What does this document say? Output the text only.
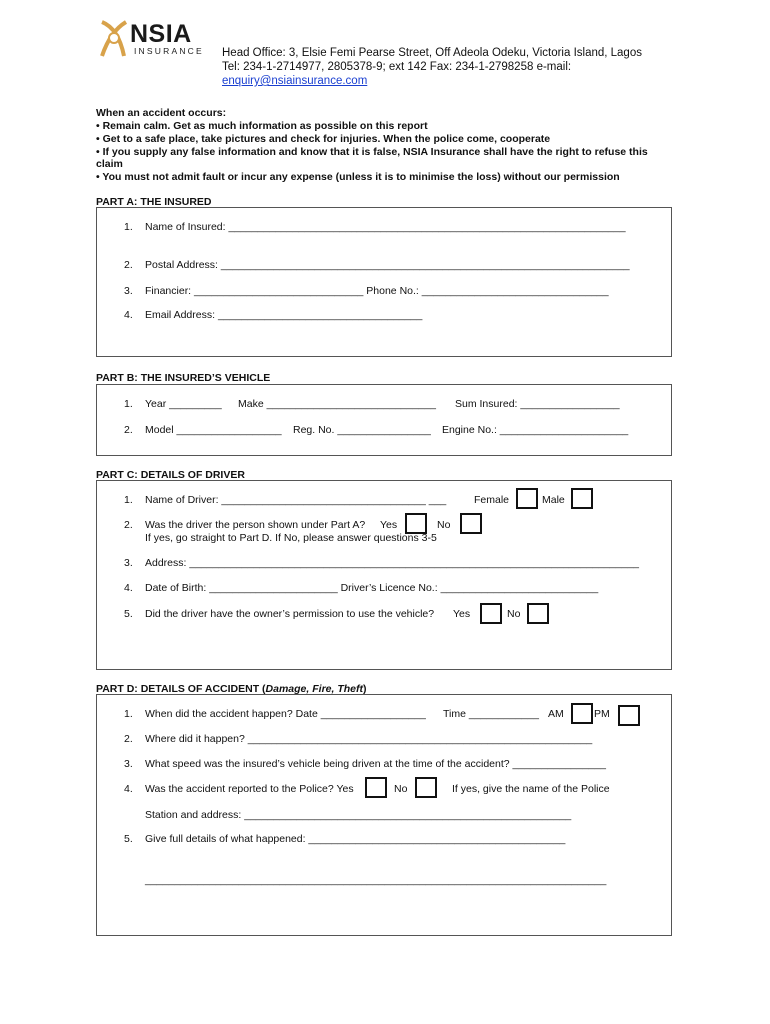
NSIA
INSURANCE Head Office: 3, Elsie Femi Pearse Street, Off Adeola Odeku, Victoria Island, Lagos
Tel: 234-1-2714977, 2805378-9; ext 142 Fax: 234-1-2798258 e-mail:
enquiry@nsiainsurance.com
When an accident occurs:
• Remain calm. Get as much information as possible on this report
• Get to a safe place, take pictures and check for injuries. When the police come, cooperate
• If you supply any false information and know that it is false, NSIA Insurance shall have the right to refuse this
claim
• You must not admit fault or incur any expense (unless it is to minimise the loss) without our permission
PART A: THE INSURED
1. Name of Insured: ____________________________________________________________________
2. Postal Address: ______________________________________________________________________
3. Financier: _____________________________ Phone No.: ________________________________
4. Email Address: ___________________________________
PART B: THE INSURED’S VEHICLE
1. Year _________ Make _____________________________ Sum Insured: _________________
2. Model __________________ Reg. No. ________________ Engine No.: ______________________
PART C: DETAILS OF DRIVER
1. Name of Driver: ___________________________________ ___	Female	Male
2. Was the driver the person shown under Part A? Yes	No
If yes, go straight to Part D. If No, please answer questions 3-5
3. Address: _____________________________________________________________________________
4. Date of Birth: ______________________ Driver’s Licence No.: ___________________________
5. Did the driver have the owner’s permission to use the vehicle? Yes	No
PART D: DETAILS OF ACCIDENT (Damage, Fire, Theft)
1. When did the accident happen? Date __________________ Time ____________ AM	PM
2. Where did it happen? ___________________________________________________________
3. What speed was the insured’s vehicle being driven at the time of the accident? ________________
4. Was the accident reported to the Police? Yes	No	If yes, give the name of the Police
Station and address: ________________________________________________________
5. Give full details of what happened: ____________________________________________
_______________________________________________________________________________
